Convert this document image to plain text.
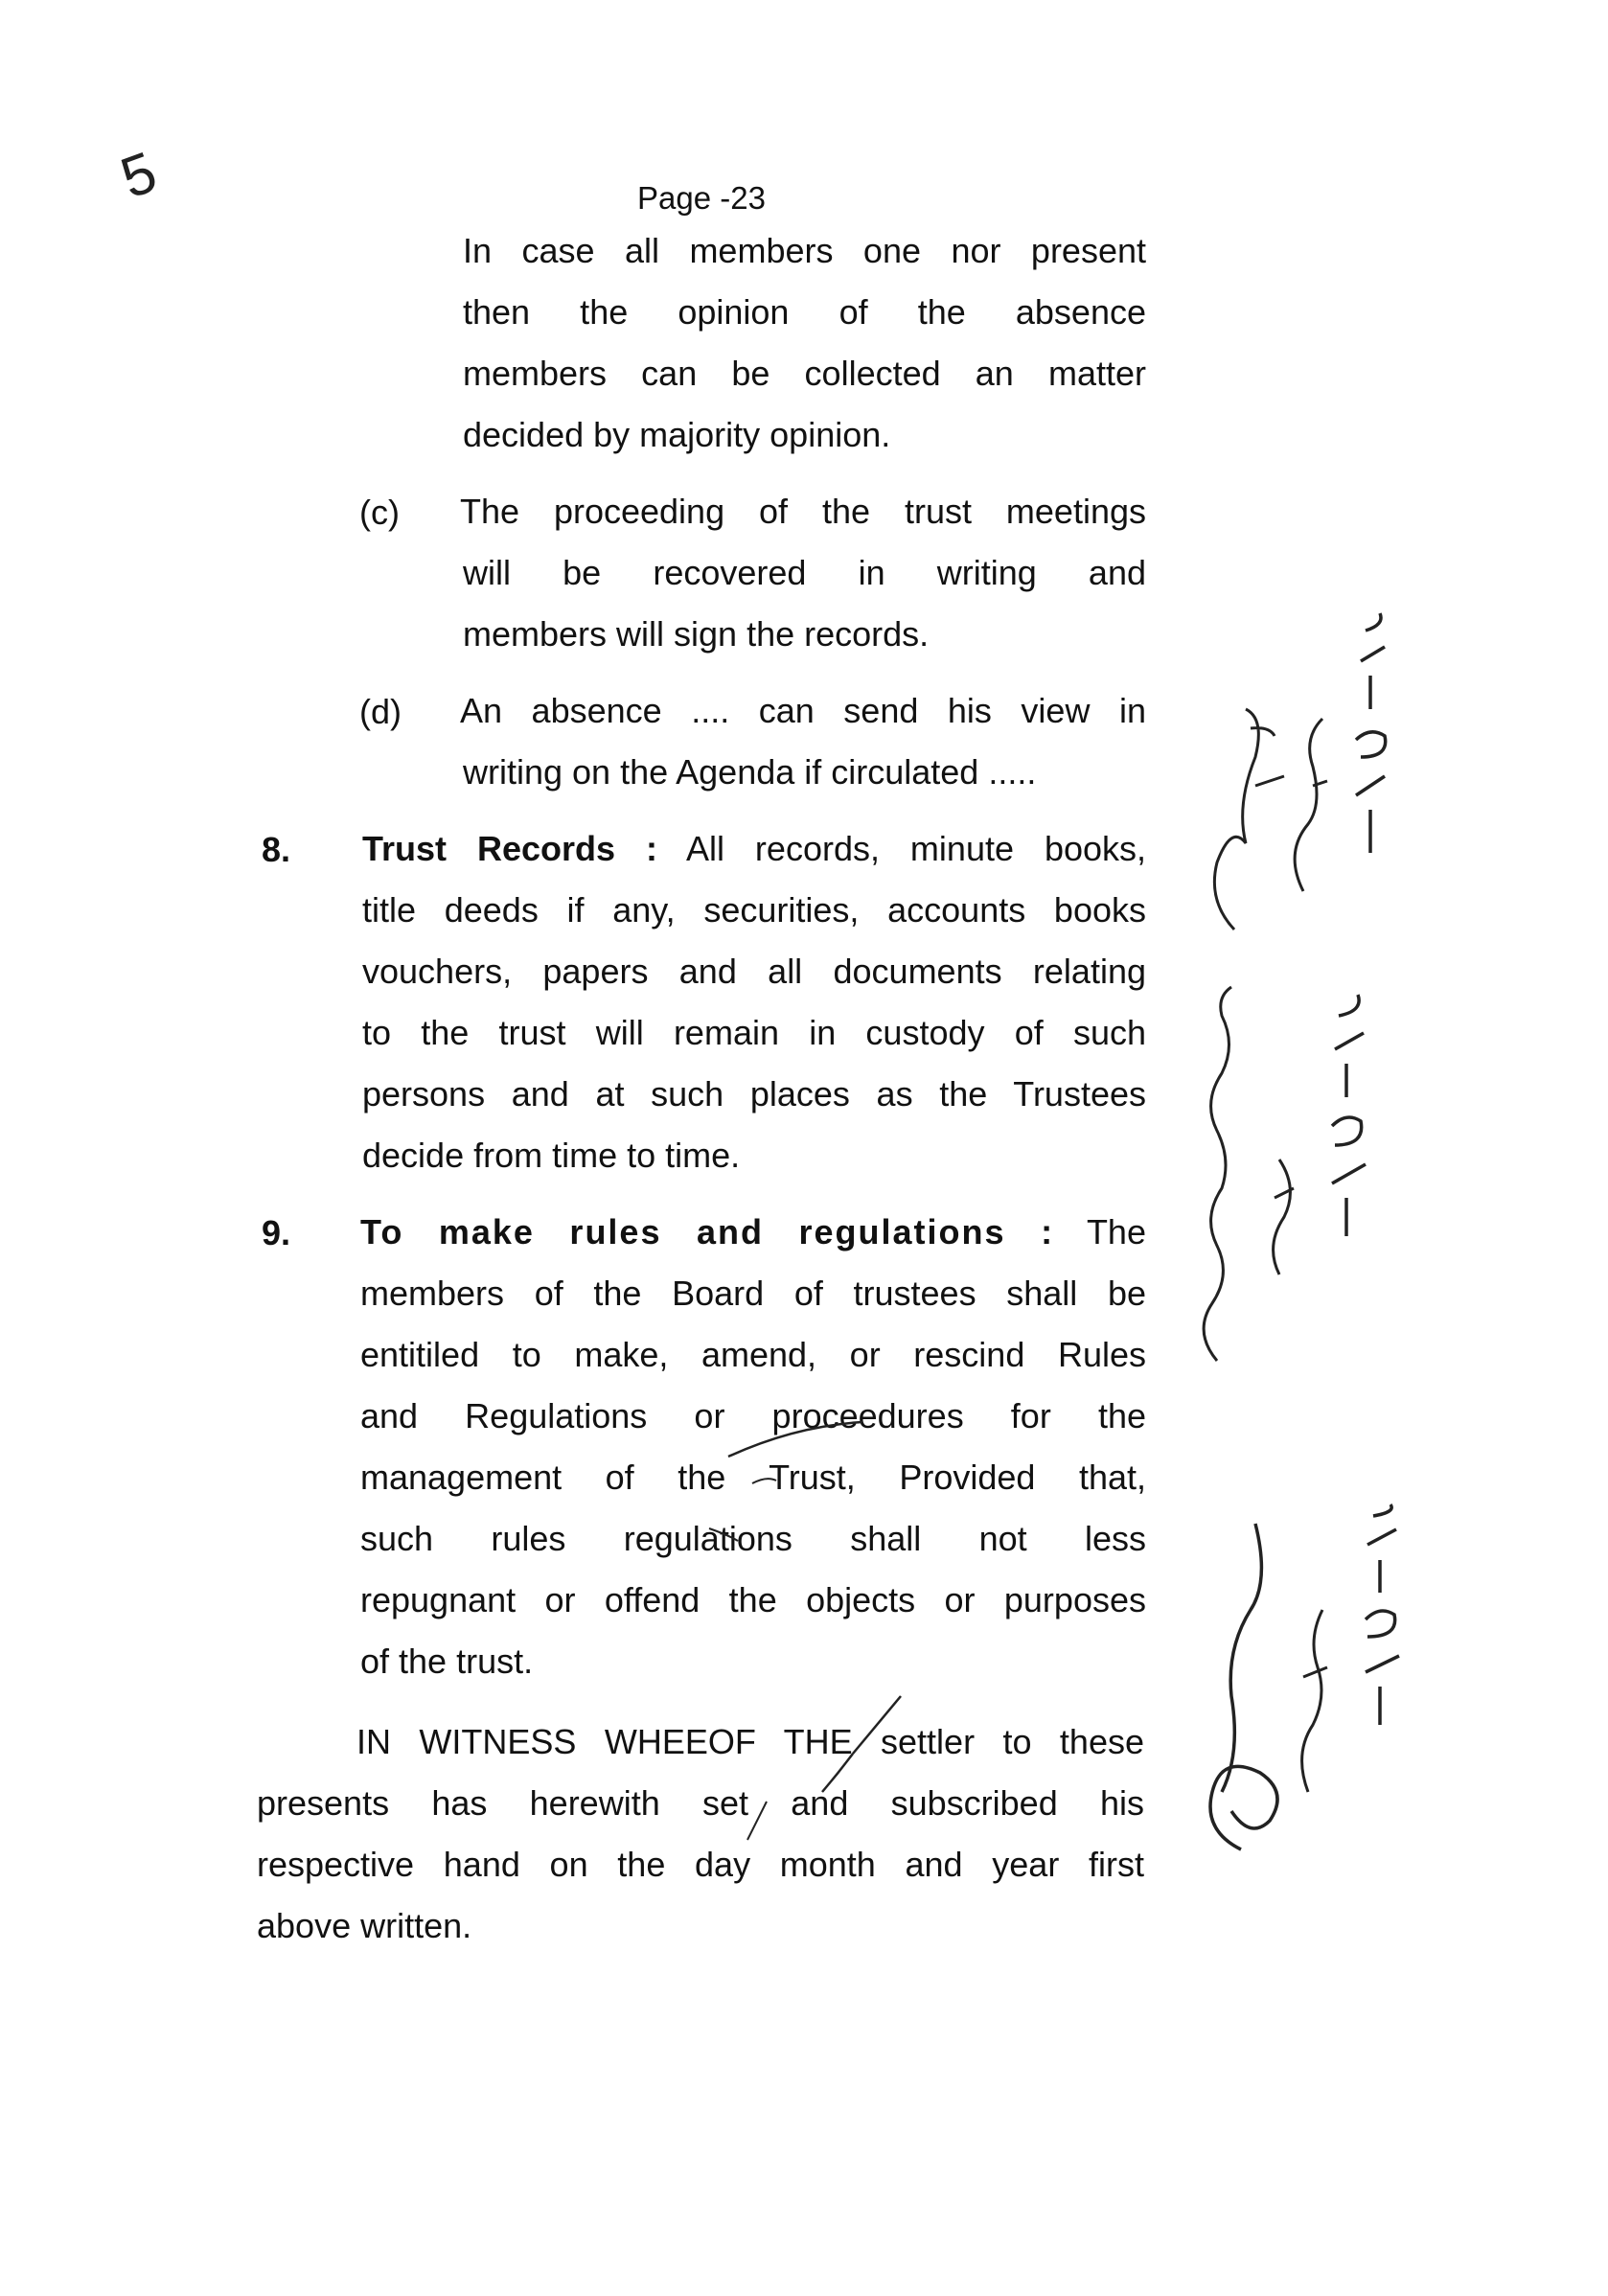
5	Page -23
In case all members one nor present
then the opinion of the absence
members can be collected an matter
decided by majority opinion.
(c) The proceeding of the trust meetings
will be recovered in writing and
members will sign the records.
(d) An absence .... can send his view in
writing on the Agenda if circulated .....
8. Trust Records : All records, minute books,
title deeds if any, securities, accounts books
vouchers, papers and all documents relating
to the trust will remain in custody of such
persons and at such places as the Trustees
decide from time to time.
9. To make rules and regulations : The
members of the Board of trustees shall be
entitiled to make, amend, or rescind Rules
and Regulations or proceedures for the
management of the Trust, Provided that,
such rules regulations shall not less
repugnant or offend the objects or purposes
of the trust.
IN WITNESS WHEEOF THE settler to these
presents has herewith set and subscribed his
respective hand on the day month and year first
above written.
